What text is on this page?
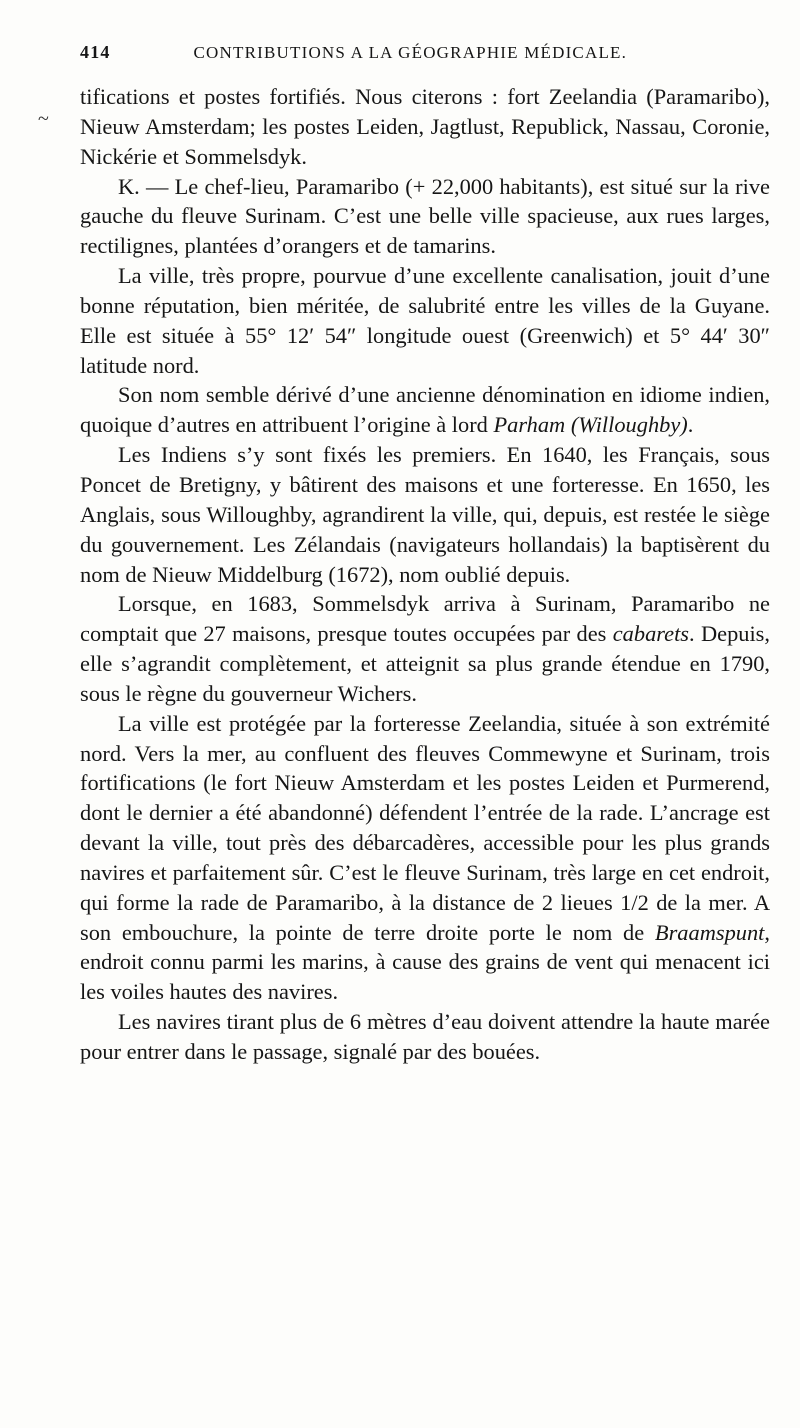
~
414	CONTRIBUTIONS A LA GÉOGRAPHIE MÉDICALE.

tifications et postes fortifiés. Nous citerons : fort Zeelandia (Paramaribo), Nieuw Amsterdam; les postes Leiden, Jagtlust, Republick, Nassau, Coronie, Nickérie et Sommelsdyk.

K. — Le chef-lieu, Paramaribo (+ 22,000 habitants), est situé sur la rive gauche du fleuve Surinam. C’est une belle ville spacieuse, aux rues larges, rectilignes, plantées d’orangers et de tamarins.

La ville, très propre, pourvue d’une excellente canalisation, jouit d’une bonne réputation, bien méritée, de salubrité entre les villes de la Guyane. Elle est située à 55° 12′ 54″ longitude ouest (Greenwich) et 5° 44′ 30″ latitude nord.

Son nom semble dérivé d’une ancienne dénomination en idiome indien, quoique d’autres en attribuent l’origine à lord Parham (Willoughby).

Les Indiens s’y sont fixés les premiers. En 1640, les Français, sous Poncet de Bretigny, y bâtirent des maisons et une forteresse. En 1650, les Anglais, sous Willoughby, agrandirent la ville, qui, depuis, est restée le siège du gouvernement. Les Zélandais (navigateurs hollandais) la baptisèrent du nom de Nieuw Middelburg (1672), nom oublié depuis.

Lorsque, en 1683, Sommelsdyk arriva à Surinam, Paramaribo ne comptait que 27 maisons, presque toutes occupées par des cabarets. Depuis, elle s’agrandit complètement, et atteignit sa plus grande étendue en 1790, sous le règne du gouverneur Wichers.

La ville est protégée par la forteresse Zeelandia, située à son extrémité nord. Vers la mer, au confluent des fleuves Commewyne et Surinam, trois fortifications (le fort Nieuw Amsterdam et les postes Leiden et Purmerend, dont le dernier a été abandonné) défendent l’entrée de la rade. L’ancrage est devant la ville, tout près des débarcadères, accessible pour les plus grands navires et parfaitement sûr. C’est le fleuve Surinam, très large en cet endroit, qui forme la rade de Paramaribo, à la distance de 2 lieues 1/2 de la mer. A son embouchure, la pointe de terre droite porte le nom de Braamspunt, endroit connu parmi les marins, à cause des grains de vent qui menacent ici les voiles hautes des navires.

Les navires tirant plus de 6 mètres d’eau doivent attendre la haute marée pour entrer dans le passage, signalé par des bouées.
